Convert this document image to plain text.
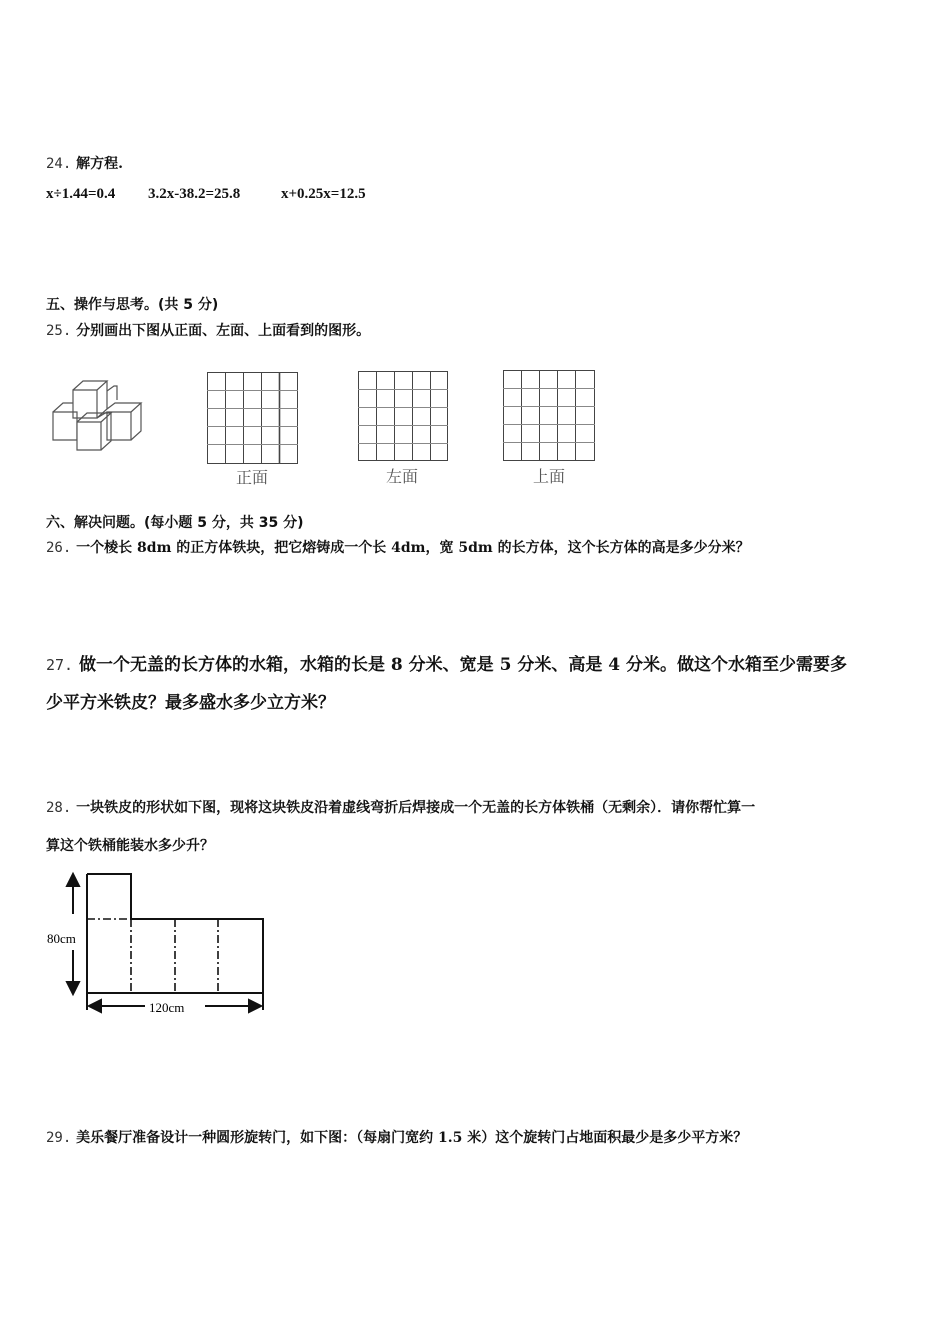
24. 解方程.
x÷1.44=0.4 3.2x-38.2=25.8	x+0.25x=12.5
五、操作与思考。(共 5 分)
25. 分别画出下图从正面、左面、上面看到的图形。
正面	左面	上面
六、解决问题。(每小题 5 分，共 35 分)
26. 一个棱长 8dm 的正方体铁块，把它熔铸成一个长 4dm，宽 5dm 的长方体，这个长方体的高是多少分米？
27. 做一个无盖的长方体的水箱，水箱的长是 8 分米、宽是 5 分米、高是 4 分米。做这个水箱至少需要多
少平方米铁皮？最多盛水多少立方米？
28. 一块铁皮的形状如下图，现将这块铁皮沿着虚线弯折后焊接成一个无盖的长方体铁桶（无剩余）．请你帮忙算一
算这个铁桶能装水多少升？
80cm
120cm
29. 美乐餐厅准备设计一种圆形旋转门，如下图：（每扇门宽约 1.5 米）这个旋转门占地面积最少是多少平方米？
